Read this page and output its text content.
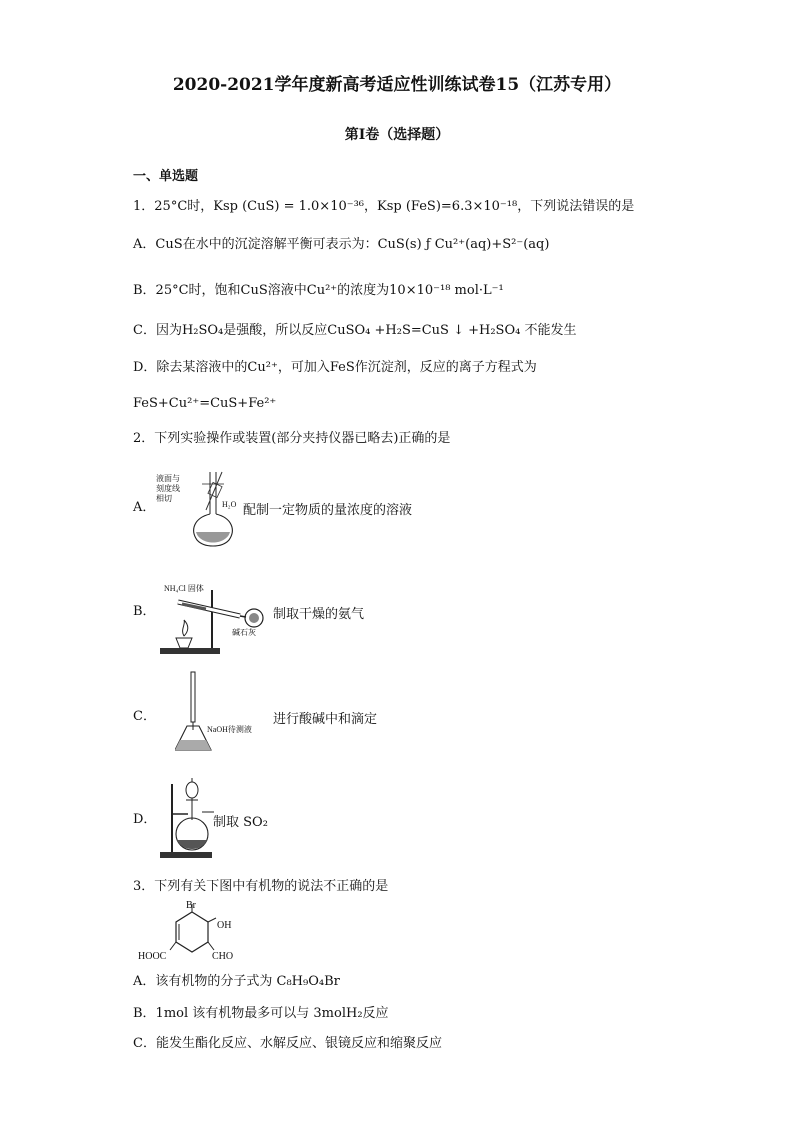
2020-2021学年度新高考适应性训练试卷15（江苏专用）
第I卷（选择题）
一、单选题
1．25°C时，Ksp (CuS) = 1.0×10⁻³⁶，Ksp (FeS)=6.3×10⁻¹⁸，下列说法错误的是
A．CuS在水中的沉淀溶解平衡可表示为：CuS(s) ƒ Cu²⁺(aq)+S²⁻(aq)
B．25°C时，饱和CuS溶液中Cu²⁺的浓度为10×10⁻¹⁸ mol·L⁻¹
C．因为H₂SO₄是强酸，所以反应CuSO₄ +H₂S=CuS ↓ +H₂SO₄ 不能发生
D．除去某溶液中的Cu²⁺，可加入FeS作沉淀剂，反应的离子方程式为
FeS+Cu²⁺=CuS+Fe²⁺
2．下列实验操作或装置(部分夹持仪器已略去)正确的是
A．
液面与
刻度线
相切
H₂O 配制一定物质的量浓度的溶液
B．
NH₄Cl 固体
碱石灰
制取干燥的氨气
C．
NaOH待测液
进行酸碱中和滴定
D．	制取 SO₂
3．下列有关下图中有机物的说法不正确的是
Br
OH
HOOC	CHO
A．该有机物的分子式为 C₈H₉O₄Br
B．1mol 该有机物最多可以与 3molH₂反应
C．能发生酯化反应、水解反应、银镜反应和缩聚反应
